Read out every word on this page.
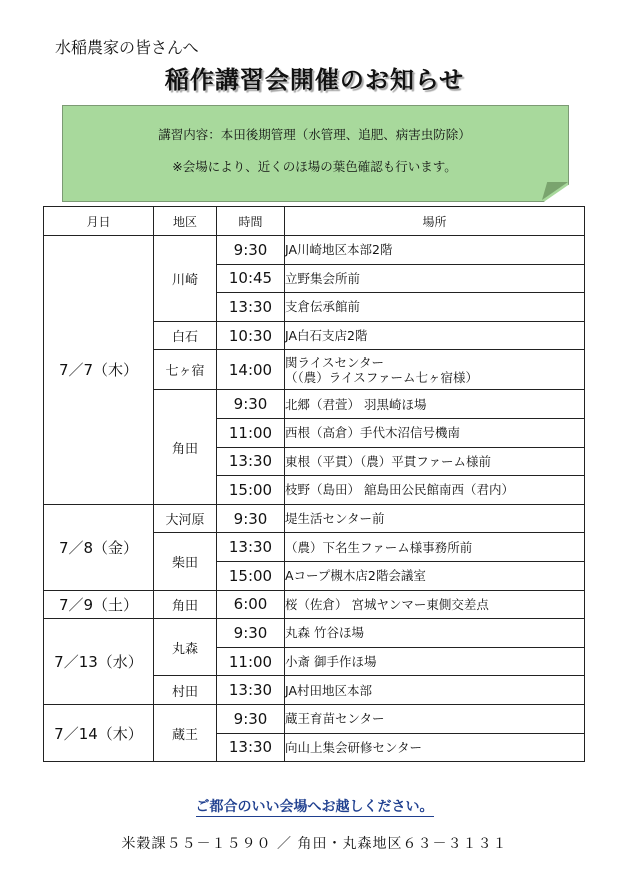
水稲農家の皆さんへ
稲作講習会開催のお知らせ
講習内容：本田後期管理（水管理、追肥、病害虫防除）
※会場により、近くのほ場の葉色確認も行います。
月日	地区	時間	場所
7／7（木）	川崎	9:30	JA川崎地区本部2階
		10:45	立野集会所前
		13:30	支倉伝承館前
	白石	10:30	JA白石支店2階
	七ヶ宿	14:00	関ライスセンター
（（農）ライスファーム七ヶ宿様）

	角田	9:30	北郷（君萱） 羽黒崎ほ場
		11:00	西根（高倉）手代木沼信号機南
		13:30	東根（平貫）（農）平貫ファーム様前
		15:00	枝野（島田） 舘島田公民館南西（君内）
7／8（金）	大河原	9:30	堤生活センター前
	柴田	13:30	（農）下名生ファーム様事務所前
		15:00	Aコープ槻木店2階会議室
7／9（土）	角田	6:00	桜（佐倉） 宮城ヤンマー東側交差点
7／13（水）	丸森	9:30	丸森 竹谷ほ場
		11:00	小斎 御手作ほ場
	村田	13:30	JA村田地区本部
7／14（木）	蔵王	9:30	蔵王育苗センター
		13:30	向山上集会研修センター
ご都合のいい会場へお越しください。
米穀課５５－１５９０ ／ 角田・丸森地区６３－３１３１
